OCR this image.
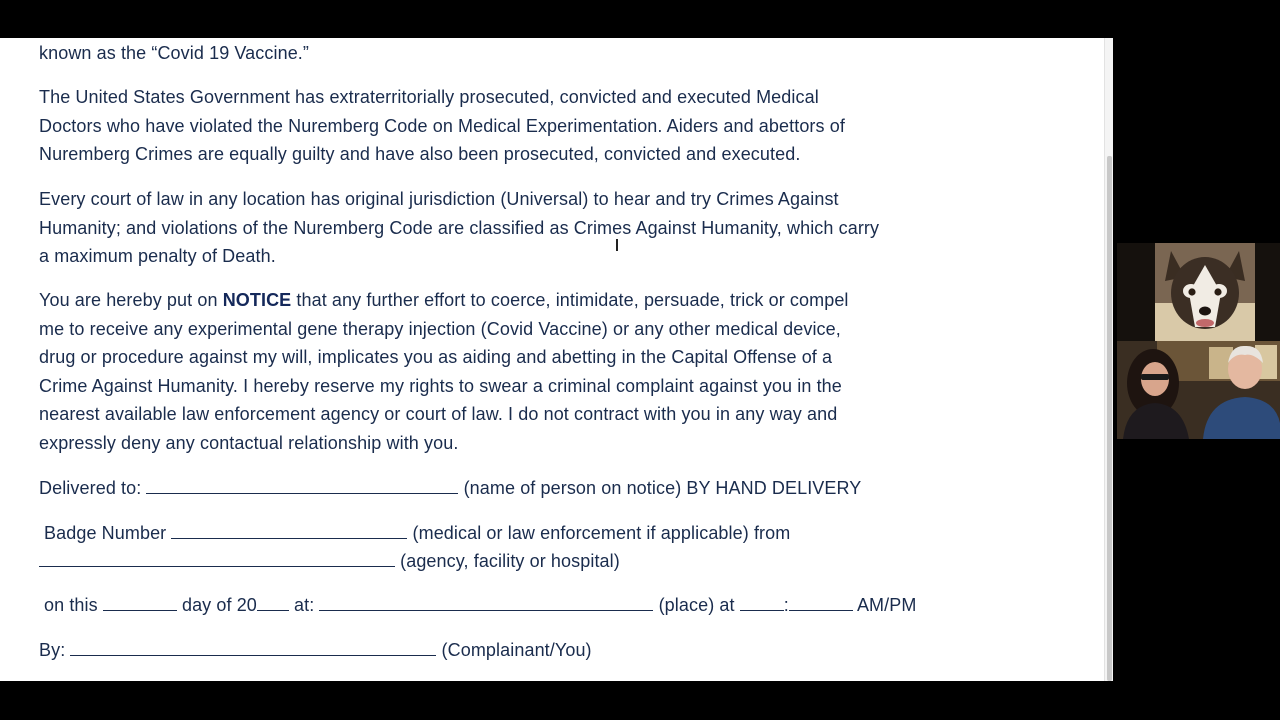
known as the “Covid 19 Vaccine.”
The United States Government has extraterritorially prosecuted, convicted and executed Medical
Doctors who have violated the Nuremberg Code on Medical Experimentation. Aiders and abettors of
Nuremberg Crimes are equally guilty and have also been prosecuted, convicted and executed.
Every court of law in any location has original jurisdiction (Universal) to hear and try Crimes Against
Humanity; and violations of the Nuremberg Code are classified as Crimes Against Humanity, which carry
a maximum penalty of Death.
You are hereby put on NOTICE that any further effort to coerce, intimidate, persuade, trick or compel
me to receive any experimental gene therapy injection (Covid Vaccine) or any other medical device,
drug or procedure against my will, implicates you as aiding and abetting in the Capital Offense of a
Crime Against Humanity. I hereby reserve my rights to swear a criminal complaint against you in the
nearest available law enforcement agency or court of law. I do not contract with you in any way and
expressly deny any contactual relationship with you.
Delivered to:	(name of person on notice) BY HAND DELIVERY
Badge Number	(medical or law enforcement if applicable) from
(agency, facility or hospital)
on this	day of 20 at:	(place) at	:	AM/PM
By:	(Complainant/You)
